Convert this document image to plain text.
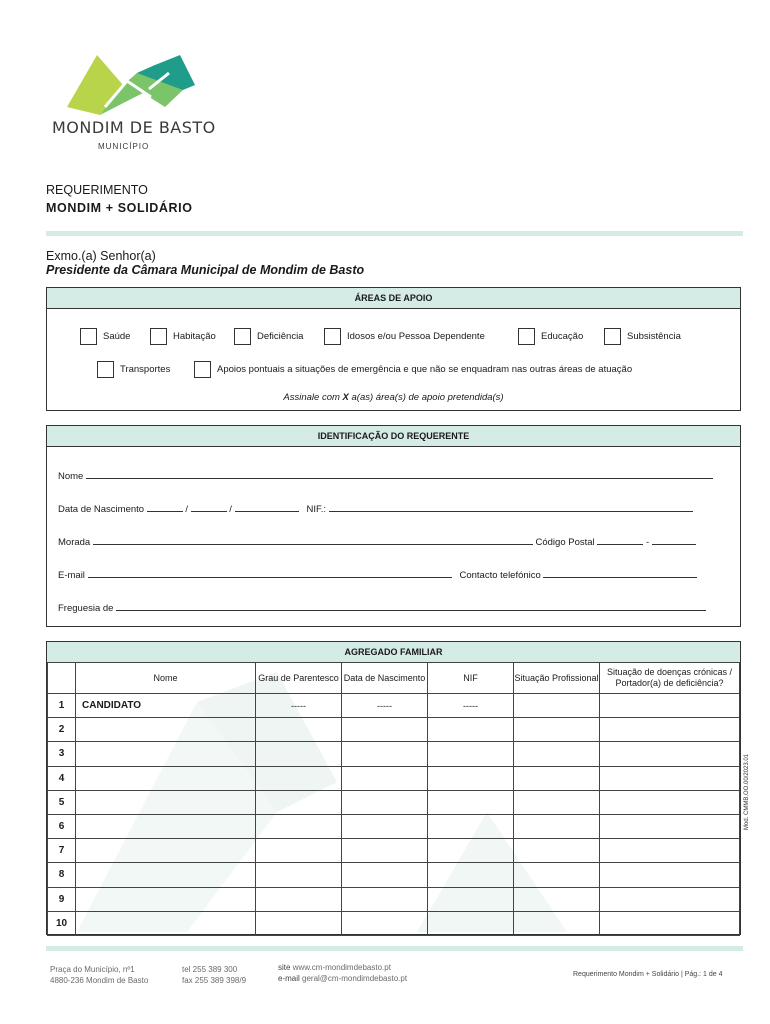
MONDIM DE BASTO
MUNICÍPIO
REQUERIMENTO
MONDIM + SOLIDÁRIO
Exmo.(a) Senhor(a)
Presidente da Câmara Municipal de Mondim de Basto
ÁREAS DE APOIO
Saúde	Habitação	Deficiência	Idosos e/ou Pessoa Dependente	Educação	Subsistência
Transportes	Apoios pontuais a situações de emergência e que não se enquadram nas outras áreas de atuação
Assinale com X a(as) área(s) de apoio pretendida(s)
IDENTIFICAÇÃO DO REQUERENTE
Nome
Data de Nascimento	/	/	NIF.:
Morada	Código Postal	-
E-mail	Contacto telefónico
Freguesia de
AGREGADO FAMILIAR
	Nome	Grau de Parentesco	Data de Nascimento	NIF	Situação Profissional	Situação de doenças crónicas / Portador(a) de deficiência?
1	CANDIDATO	-----	-----	-----		
2						
3						
4						
5						
6						
7						
8						
9						
10						
Mod. CMMB.OO.00/2023.01
Praça do Município, nº1
4880-236 Mondim de Basto
tel 255 389 300
fax 255 389 398/9
site www.cm-mondimdebasto.pt
e-mail geral@cm-mondimdebasto.pt	Requerimento Mondim + Solidário | Pág.: 1 de 4
